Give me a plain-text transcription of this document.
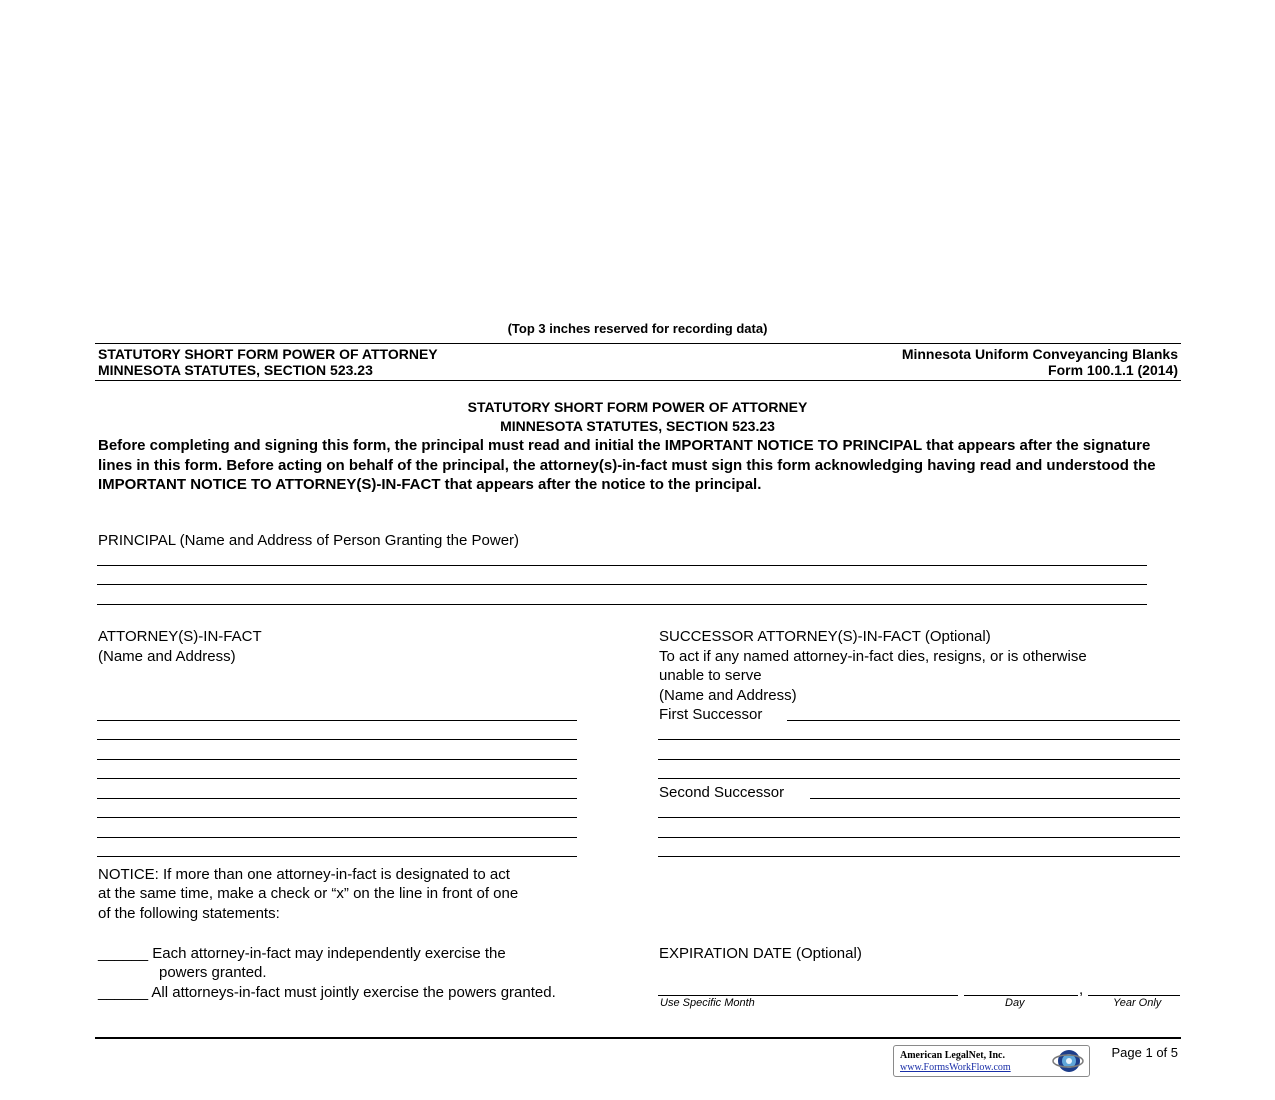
(Top 3 inches reserved for recording data)
STATUTORY SHORT FORM POWER OF ATTORNEY
MINNESOTA STATUTES, SECTION 523.23
Minnesota Uniform Conveyancing Blanks
Form 100.1.1 (2014)
STATUTORY SHORT FORM POWER OF ATTORNEY
MINNESOTA STATUTES, SECTION 523.23
Before completing and signing this form, the principal must read and initial the IMPORTANT NOTICE TO PRINCIPAL that appears after the signature lines in this form. Before acting on behalf of the principal, the attorney(s)-in-fact must sign this form acknowledging having read and understood the IMPORTANT NOTICE TO ATTORNEY(S)-IN-FACT that appears after the notice to the principal.
PRINCIPAL (Name and Address of Person Granting the Power)
ATTORNEY(S)-IN-FACT
(Name and Address)
SUCCESSOR ATTORNEY(S)-IN-FACT (Optional)
To act if any named attorney-in-fact dies, resigns, or is otherwise
unable to serve
(Name and Address)
First Successor
Second Successor
NOTICE: If more than one attorney-in-fact is designated to act
at the same time, make a check or “x” on the line in front of one
of the following statements:
______ Each attorney-in-fact may independently exercise the
powers granted.
______ All attorneys-in-fact must jointly exercise the powers granted.
EXPIRATION DATE (Optional)
,
Use Specific Month	Day	Year Only
American LegalNet, Inc.
www.FormsWorkFlow.com
Page 1 of 5
